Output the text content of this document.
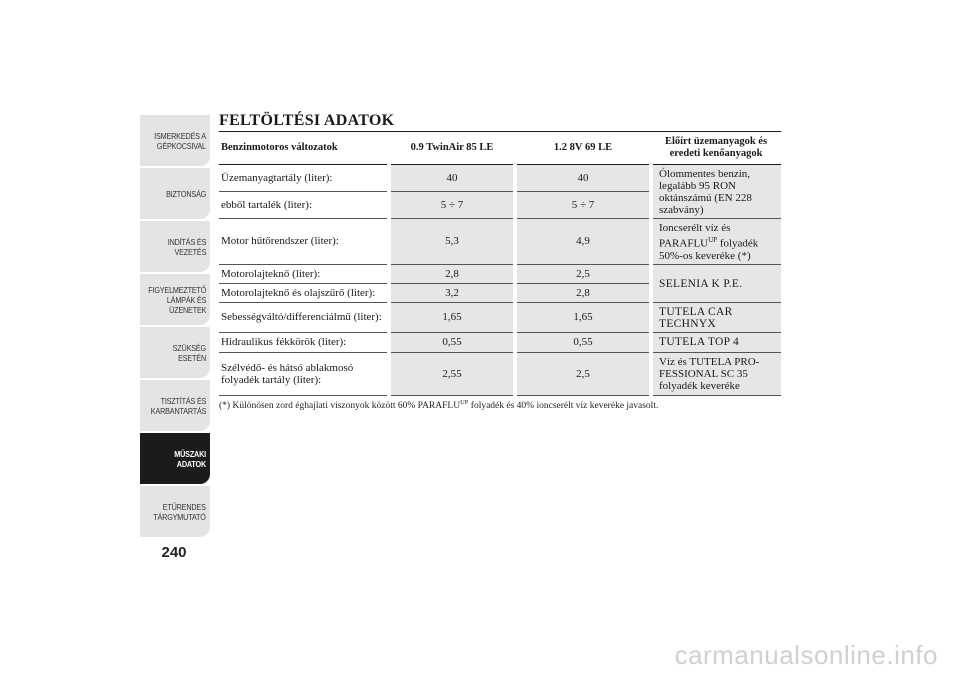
ISMERKEDÉS A
GÉPKOCSIVAL
BIZTONSÁG
INDÍTÁS ÉS
VEZETÉS
FIGYELMEZTETŐ
LÁMPÁK ÉS
ÜZENETEK
SZÜKSÉG ESETÉN
TISZTÍTÁS ÉS
KARBANTARTÁS
MŰSZAKI ADATOK
ETŰRENDES
TÁRGYMUTATÓ
240
FELTÖLTÉSI ADATOK
Benzinmotoros változatok	0.9 TwinAir 85 LE	1.2 8V 69 LE	Előírt üzemanyagok és eredeti kenőanyagok
Üzemanyagtartály (liter):	40	40	Ólommentes benzin, legalább 95 RON oktánszámú (EN 228 szabvány)
ebből tartalék (liter):	5 ÷ 7	5 ÷ 7	
Motor hűtőrendszer (liter):	5,3	4,9	Ioncserélt víz és $PARAFLU^{UP}$ folyadék 50%-os keveréke (*)
Motorolajteknő (liter):	2,8	2,5	SELENIA K P.E.
Motorolajteknő és olajszűrő (liter):	3,2	2,8	
Sebességváltó/differenciálmű (liter):	1,65	1,65	TUTELA CAR TECHNYX
Hidraulikus fékkörök (liter):	0,55	0,55	TUTELA TOP 4
Szélvédő- és hátsó ablakmosó folyadék tartály (liter):	2,55	2,5	Víz és TUTELA PRO-FESSIONAL SC 35 folyadék keveréke
(*) Különösen zord éghajlati viszonyok között 60% $PARAFLU^{UP}$ folyadék és 40% ioncserélt víz keveréke javasolt.
carmanualsonline.info
